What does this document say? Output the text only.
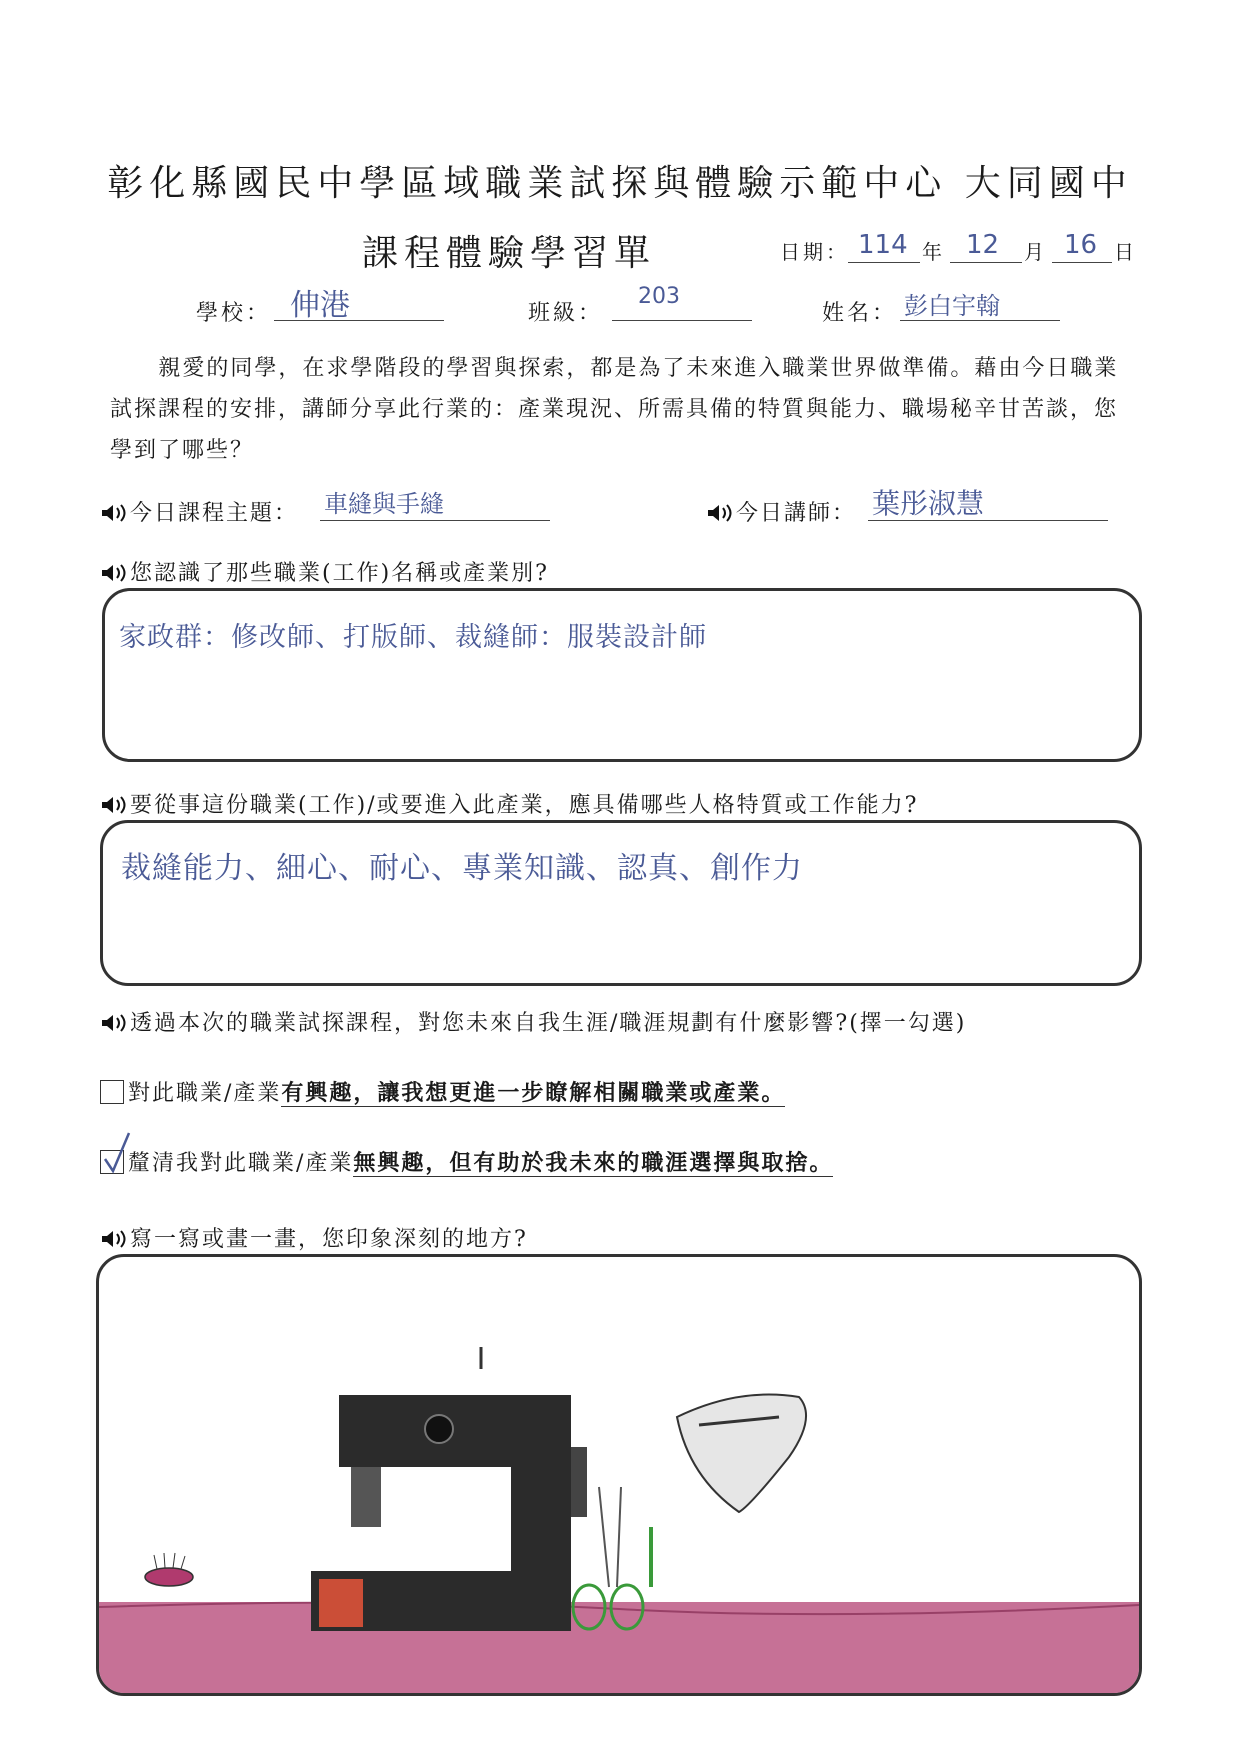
彰化縣國民中學區域職業試探與體驗示範中心 大同國中
課程體驗學習單	日期： 114 年 12 月 16 日
學校： 伸港	班級：
203
姓名： 彭白宇翰
親愛的同學，在求學階段的學習與探索，都是為了未來進入職業世界做準備。藉由今日職業試探課程的安排，講師分享此行業的：產業現況、所需具備的特質與能力、職場秘辛甘苦談，您學到了哪些？
今日課程主題： 車縫與手縫	今日講師： 葉彤淑慧
您認識了那些職業(工作)名稱或產業別?
家政群：修改師、打版師、裁縫師：服裝設計師
要從事這份職業(工作)/或要進入此產業，應具備哪些人格特質或工作能力?
裁縫能力、細心、耐心、專業知識、認真、創作力
透過本次的職業試探課程，對您未來自我生涯/職涯規劃有什麼影響?(擇一勾選)
對此職業/產業有興趣，讓我想更進一步瞭解相關職業或產業。
釐清我對此職業/產業無興趣，但有助於我未來的職涯選擇與取捨。
寫一寫或畫一畫，您印象深刻的地方?
